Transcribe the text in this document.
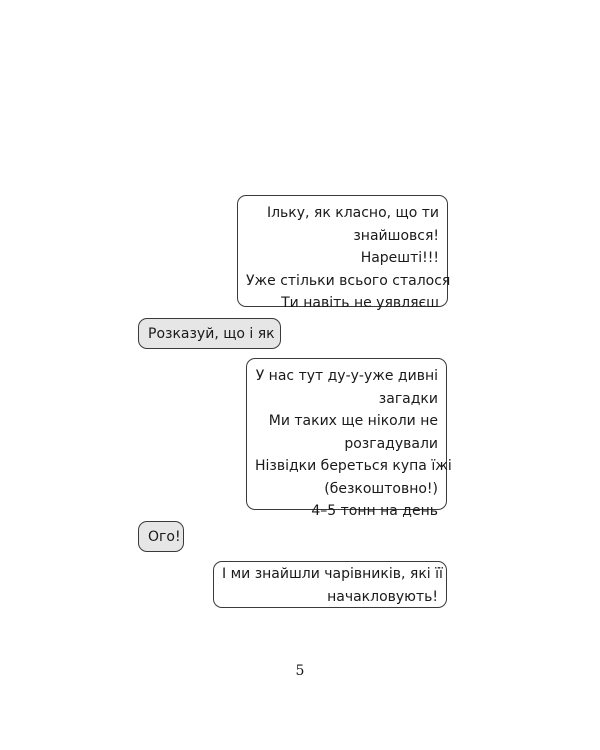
Ільку, як класно, що ти
знайшовся!
Нарешті!!!
Уже стільки всього сталося
Ти навіть не уявляєш
Розказуй, що і як
У нас тут ду-у-уже дивні
загадки
Ми таких ще ніколи не
розгадували
Нізвідки береться купа їжі
(безкоштовно!)
4–5 тонн на день
Ого!
І ми знайшли чарівників, які її
начакловують!
5
